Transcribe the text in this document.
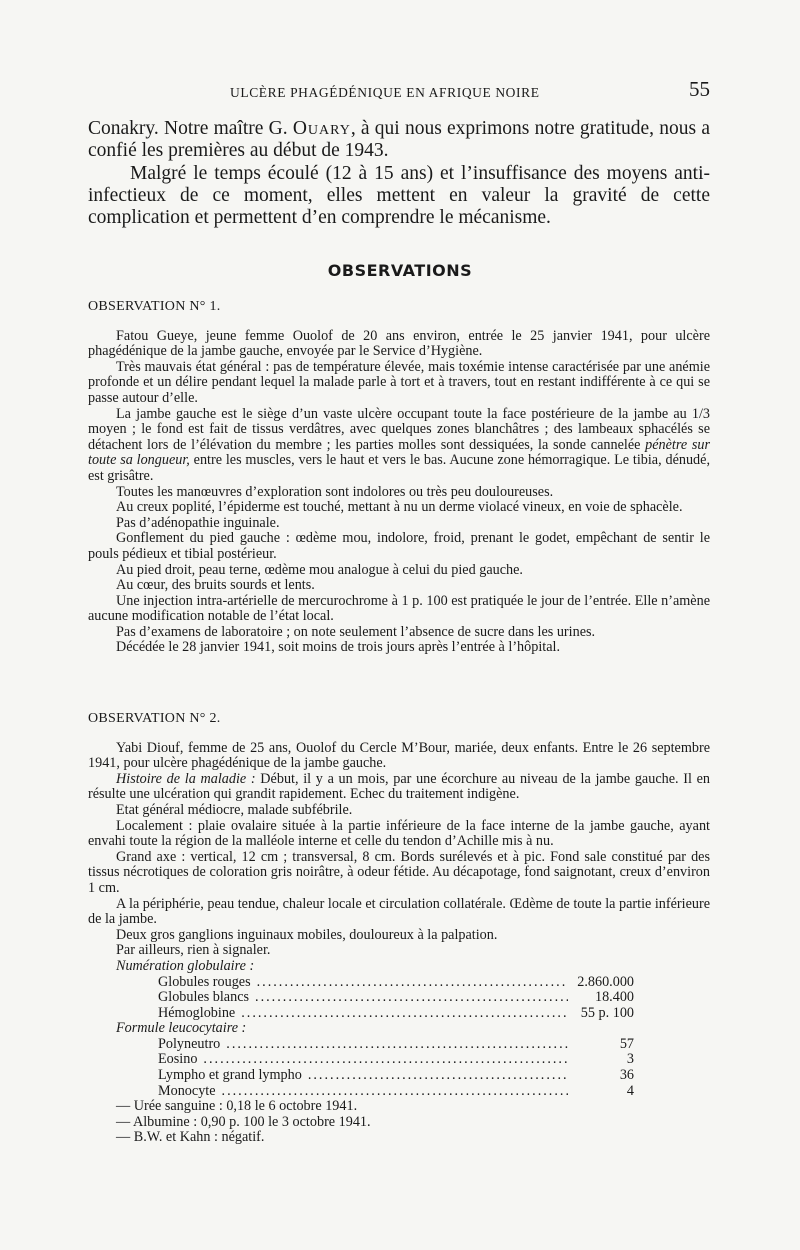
ULCÈRE PHAGÉDÉNIQUE EN AFRIQUE NOIRE	55

Conakry. Notre maître G. Ouary, à qui nous exprimons notre gratitude, nous a confié les premières au début de 1943.

Malgré le temps écoulé (12 à 15 ans) et l’insuffisance des moyens anti-infectieux de ce moment, elles mettent en valeur la gravité de cette complication et permettent d’en comprendre le mécanisme.

OBSERVATIONS
OBSERVATION N° 1.

Fatou Gueye, jeune femme Ouolof de 20 ans environ, entrée le 25 janvier 1941, pour ulcère phagédénique de la jambe gauche, envoyée par le Service d’Hygiène.

Très mauvais état général : pas de température élevée, mais toxémie intense caractérisée par une anémie profonde et un délire pendant lequel la malade parle à tort et à travers, tout en restant indifférente à ce qui se passe autour d’elle.

La jambe gauche est le siège d’un vaste ulcère occupant toute la face postérieure de la jambe au 1/3 moyen ; le fond est fait de tissus verdâtres, avec quelques zones blanchâtres ; des lambeaux sphacélés se détachent lors de l’élévation du membre ; les parties molles sont dessiquées, la sonde cannelée pénètre sur toute sa longueur, entre les muscles, vers le haut et vers le bas. Aucune zone hémorragique. Le tibia, dénudé, est grisâtre.

Toutes les manœuvres d’exploration sont indolores ou très peu douloureuses.

Au creux poplité, l’épiderme est touché, mettant à nu un derme violacé vineux, en voie de sphacèle.

Pas d’adénopathie inguinale.

Gonflement du pied gauche : œdème mou, indolore, froid, prenant le godet, empêchant de sentir le pouls pédieux et tibial postérieur.

Au pied droit, peau terne, œdème mou analogue à celui du pied gauche.

Au cœur, des bruits sourds et lents.

Une injection intra-artérielle de mercurochrome à 1 p. 100 est pratiquée le jour de l’entrée. Elle n’amène aucune modification notable de l’état local.

Pas d’examens de laboratoire ; on note seulement l’absence de sucre dans les urines.

Décédée le 28 janvier 1941, soit moins de trois jours après l’entrée à l’hôpital.

OBSERVATION N° 2.

Yabi Diouf, femme de 25 ans, Ouolof du Cercle M’Bour, mariée, deux enfants. Entre le 26 septembre 1941, pour ulcère phagédénique de la jambe gauche.

Histoire de la maladie : Début, il y a un mois, par une écorchure au niveau de la jambe gauche. Il en résulte une ulcération qui grandit rapidement. Echec du traitement indigène.

Etat général médiocre, malade subfébrile.

Localement : plaie ovalaire située à la partie inférieure de la face interne de la jambe gauche, ayant envahi toute la région de la malléole interne et celle du tendon d’Achille mis à nu.

Grand axe : vertical, 12 cm ; transversal, 8 cm. Bords surélevés et à pic. Fond sale constitué par des tissus nécrotiques de coloration gris noirâtre, à odeur fétide. Au décapotage, fond saignotant, creux d’environ 1 cm.

A la périphérie, peau tendue, chaleur locale et circulation collatérale. Œdème de toute la partie inférieure de la jambe.

Deux gros ganglions inguinaux mobiles, douloureux à la palpation.

Par ailleurs, rien à signaler.

Numération globulaire :
Globules rouges .....	2.860.000
Globules blancs .....	18.400
Hémoglobine .....	55 p. 100
Formule leucocytaire :
Polyneutro .....	57
Eosino .....	3
Lympho et grand lympho .....	36
Monocyte .....	4
— Urée sanguine : 0,18 le 6 octobre 1941.
— Albumine : 0,90 p. 100 le 3 octobre 1941.
— B.W. et Kahn : négatif.
